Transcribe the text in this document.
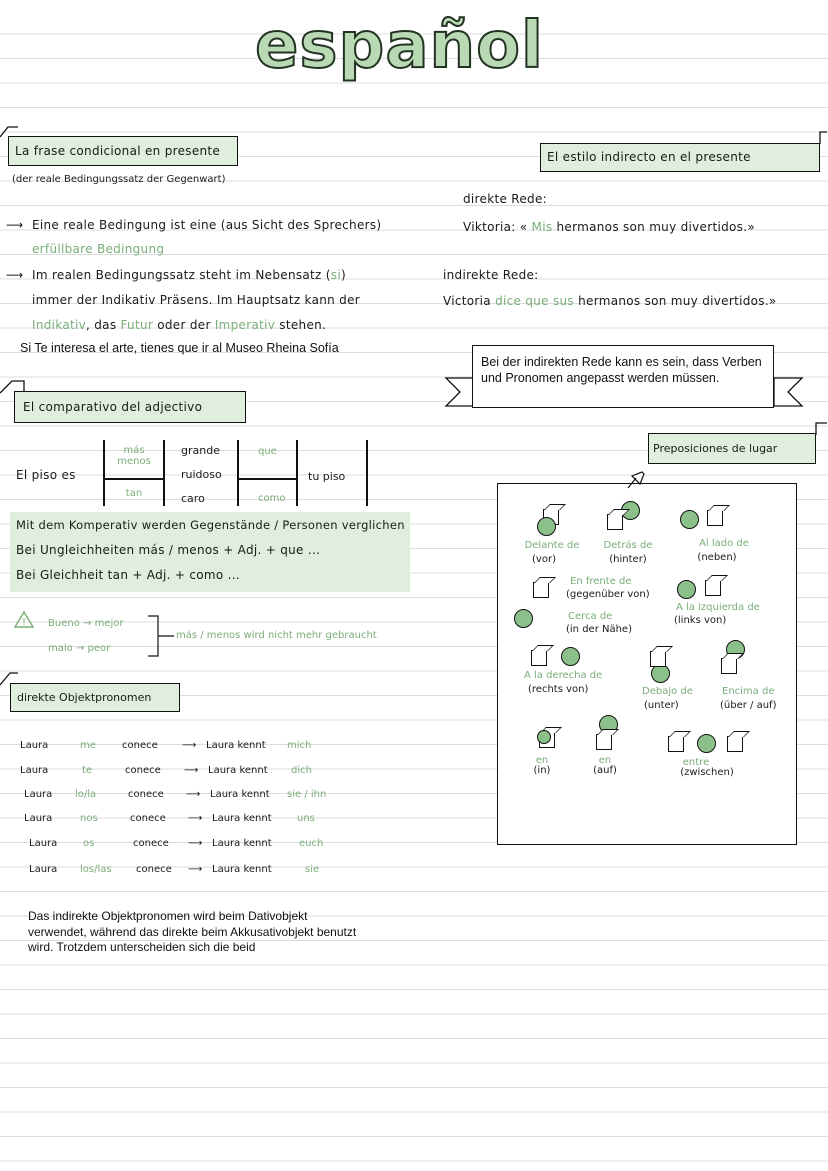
español
La frase condicional en presente
(der reale Bedingungssatz der Gegenwart)
⟶ Eine reale Bedingung ist eine (aus Sicht des Sprechers)
erfüllbare Bedingung
⟶ Im realen Bedingungssatz steht im Nebensatz (si)
immer der Indikativ Präsens. Im Hauptsatz kann der
Indikativ, das Futur oder der Imperativ stehen.
Si Te interesa el arte, tienes que ir al Museo Rheina Sofía
El estilo indirecto en el presente
direkte Rede:
Viktoria: « Mis hermanos son muy divertidos.»
indirekte Rede:
Victoria dice que sus hermanos son muy divertidos.»
Bei der indirekten Rede kann es sein, dass Verben und Pronomen angepasst werden müssen.
El comparativo del adjectivo
El piso es
más
menos
tan
grande
ruidoso
caro
que
como
tu piso
Mit dem Komperativ werden Gegenstände / Personen verglichen
Bei Ungleichheiten más / menos + Adj. + que ...
Bei Gleichheit tan + Adj. + como ...
! Bueno → mejor
malo → peor
más / menos wird nicht mehr gebraucht
direkte Objektpronomen
Laura	me	conece ⟶ Laura kennt mich
Laura	te	conece ⟶ Laura kennt dich
Laura lo/la	conece ⟶ Laura kennt sie / ihn
Laura	nos	conece ⟶ Laura kennt	uns
Laura	os	conece ⟶ Laura kennt	euch
Laura los/las conece ⟶ Laura kennt	sie
Das indirekte Objektpronomen wird beim Dativobjekt verwendet, während das direkte beim Akkusativobjekt benutzt wird. Trotzdem unterscheiden sich die beid
Preposiciones de lugar
Delante de
(vor)
Detrás de
(hinter)
Al lado de
(neben)
En frente de
(gegenüber von)
Cerca de
(in der Nähe)
A la izquierda de
(links von)
A la derecha de
(rechts von)	Debajo de
(unter)
Encima de
(über / auf)
en
(in)
en
(auf)
entre
(zwischen)
